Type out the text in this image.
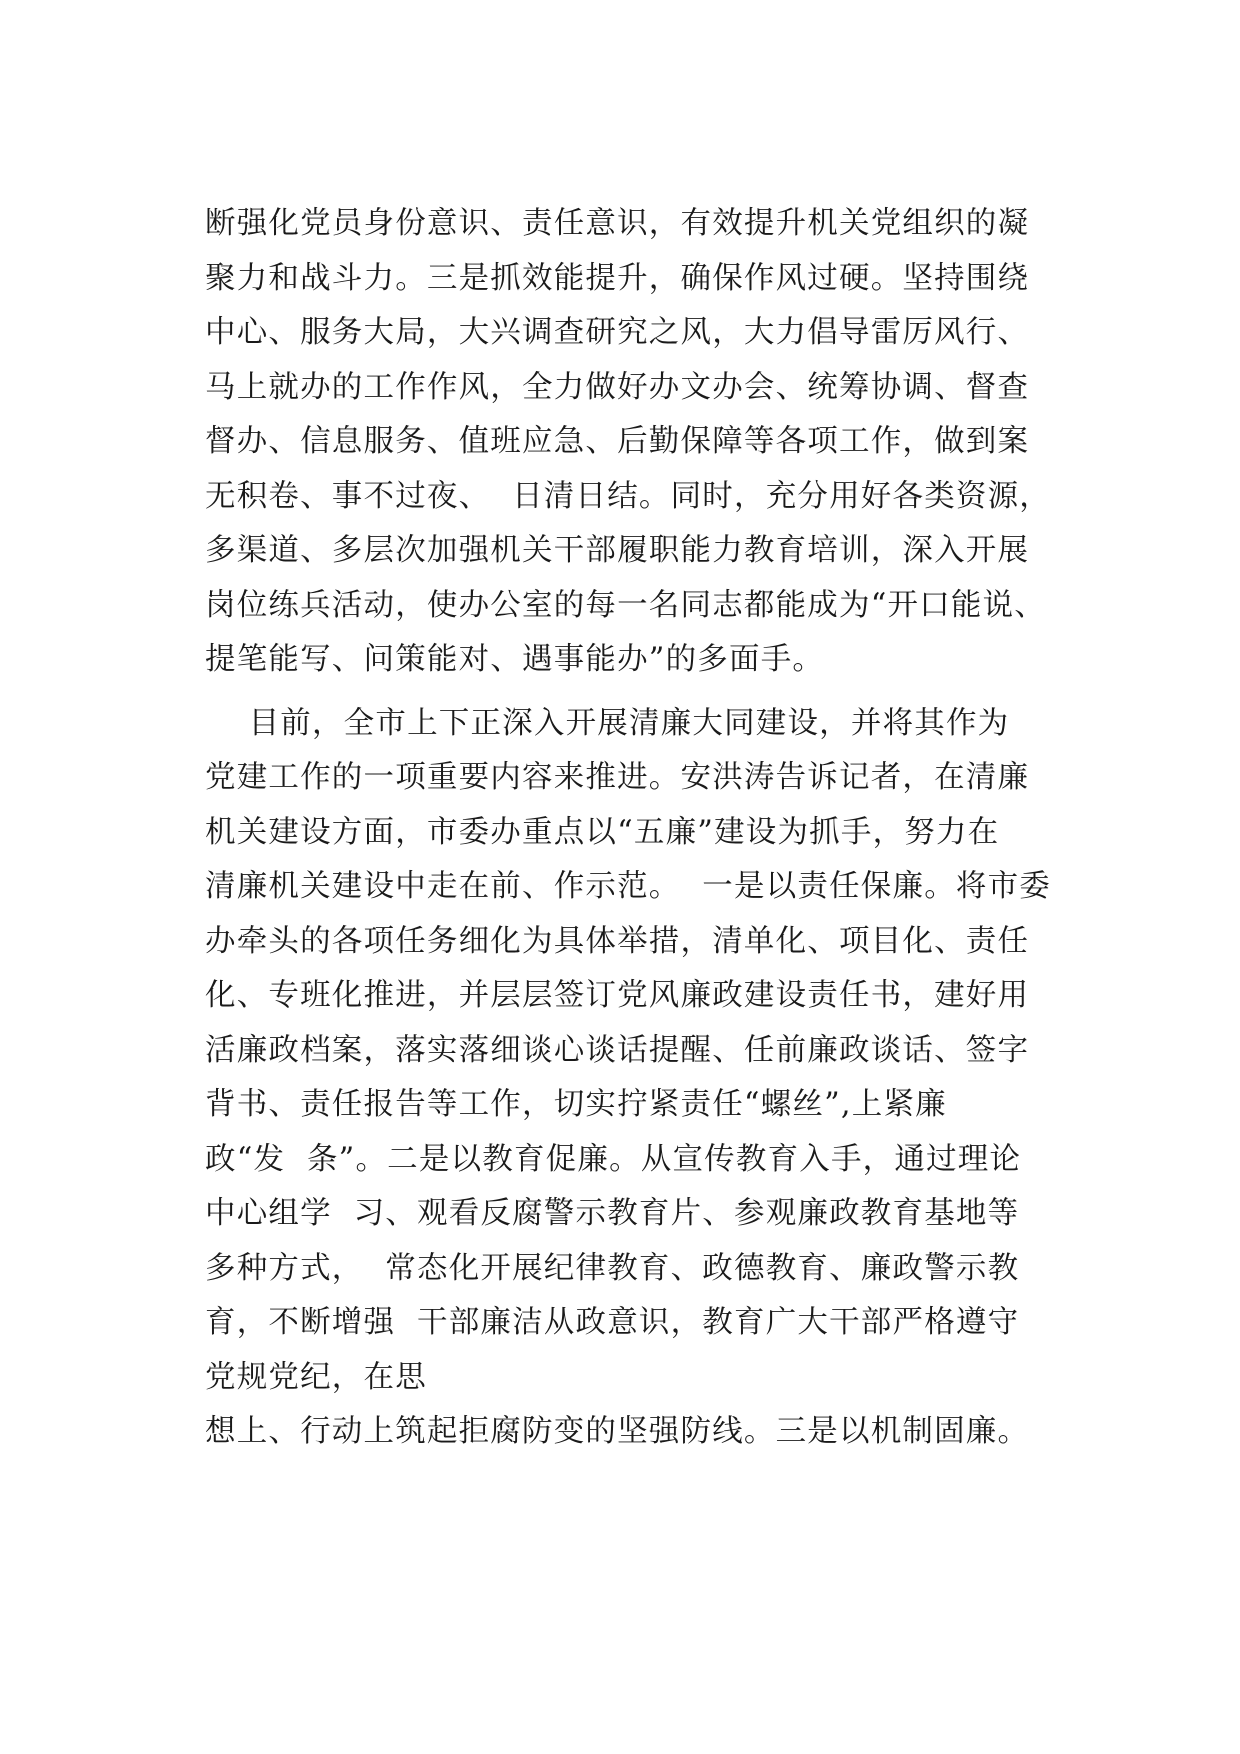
断强化党员身份意识、责任意识，有效提升机关党组织的凝
聚力和战斗力。三是抓效能提升，确保作风过硬。坚持围绕
中心、服务大局，大兴调查研究之风，大力倡导雷厉风行、
马上就办的工作作风，全力做好办文办会、统筹协调、督查
督办、信息服务、值班应急、后勤保障等各项工作，做到案
无积卷、事不过夜、  日清日结。同时，充分用好各类资源，
多渠道、多层次加强机关干部履职能力教育培训，深入开展
岗位练兵活动，使办公室的每一名同志都能成为“开口能说、
提笔能写、问策能对、遇事能办”的多面手。
目前，全市上下正深入开展清廉大同建设，并将其作为
党建工作的一项重要内容来推进。安洪涛告诉记者，在清廉
机关建设方面，市委办重点以“五廉”建设为抓手，努力在
清廉机关建设中走在前、作示范。  一是以责任保廉。将市委
办牵头的各项任务细化为具体举措，清单化、项目化、责任
化、专班化推进，并层层签订党风廉政建设责任书，建好用
活廉政档案，落实落细谈心谈话提醒、任前廉政谈话、签字
背书、责任报告等工作，切实拧紧责任“螺丝”,上紧廉
政“发  条”。二是以教育促廉。从宣传教育入手，通过理论
中心组学  习、观看反腐警示教育片、参观廉政教育基地等
多种方式，  常态化开展纪律教育、政德教育、廉政警示教
育，不断增强  干部廉洁从政意识，教育广大干部严格遵守
党规党纪，在思
想上、行动上筑起拒腐防变的坚强防线。三是以机制固廉。
